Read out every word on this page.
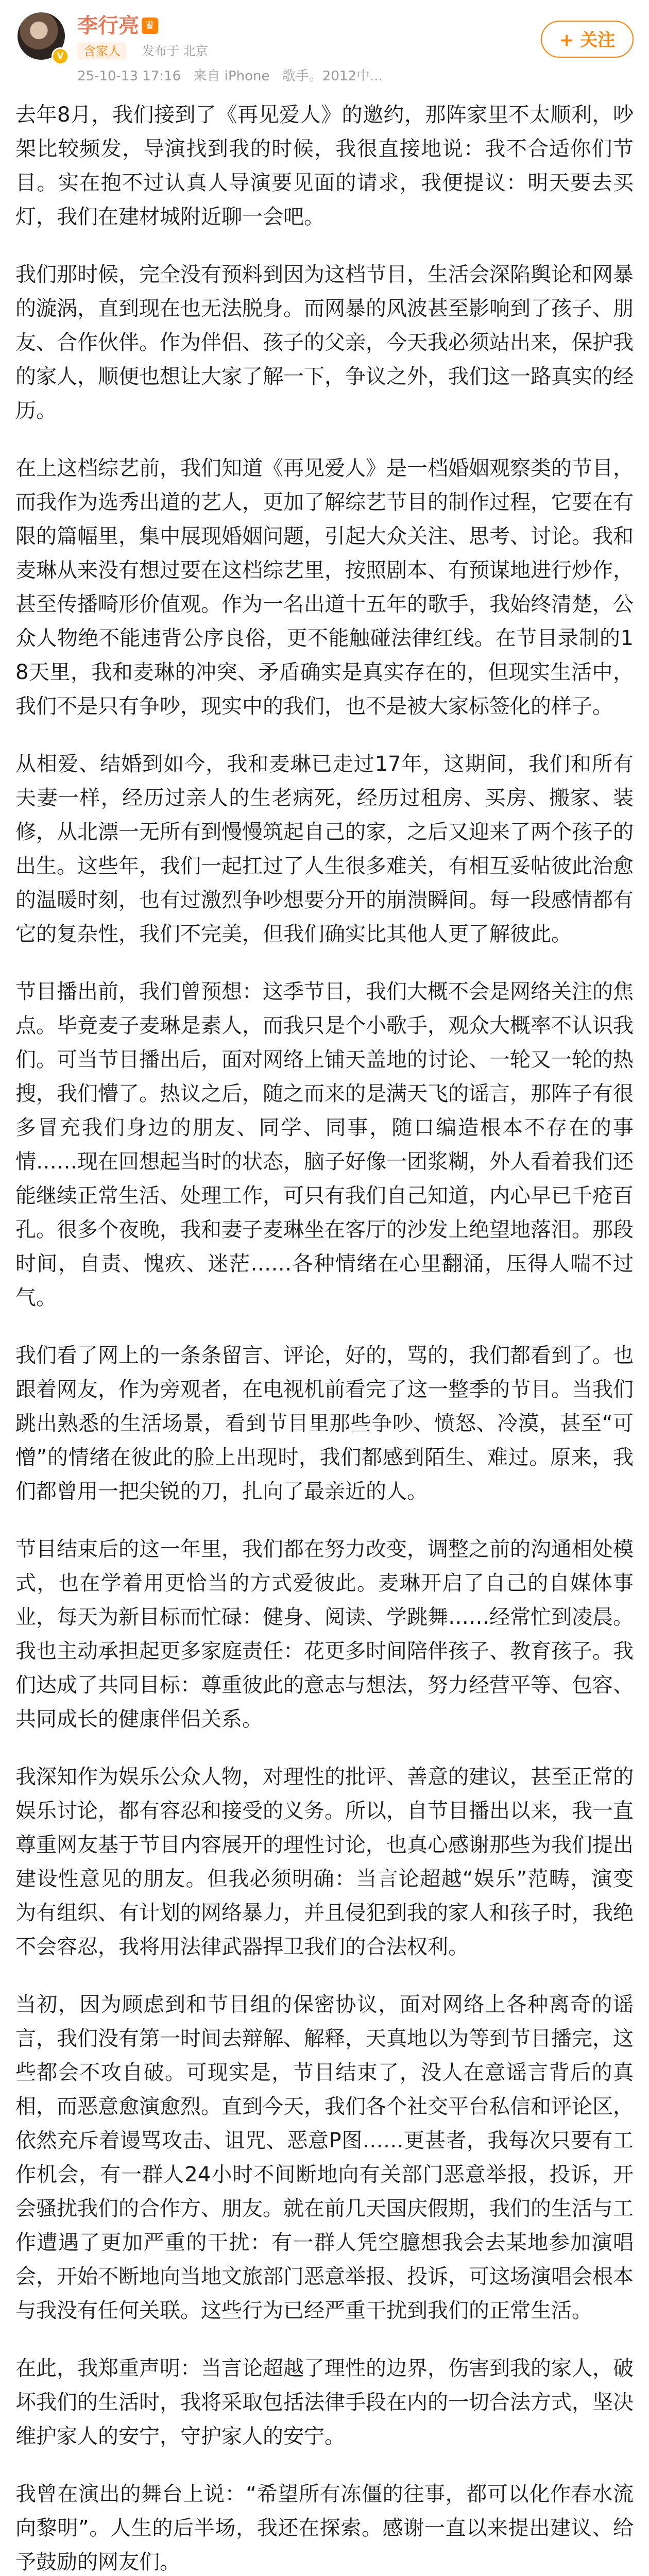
V
李行亮 ♛
含家人	发布于 北京
25-10-13 17:16 来自 iPhone 歌手。2012中...
+ 关注

去年8月，我们接到了《再见爱人》的邀约，那阵家里不太顺利，吵架比较频发，导演找到我的时候，我很直接地说：我不合适你们节目。实在抱不过认真人导演要见面的请求，我便提议：明天要去买灯，我们在建材城附近聊一会吧。

我们那时候，完全没有预料到因为这档节目，生活会深陷舆论和网暴的漩涡，直到现在也无法脱身。而网暴的风波甚至影响到了孩子、朋友、合作伙伴。作为伴侣、孩子的父亲，今天我必须站出来，保护我的家人，顺便也想让大家了解一下，争议之外，我们这一路真实的经历。

在上这档综艺前，我们知道《再见爱人》是一档婚姻观察类的节目，而我作为选秀出道的艺人，更加了解综艺节目的制作过程，它要在有限的篇幅里，集中展现婚姻问题，引起大众关注、思考、讨论。我和麦琳从来没有想过要在这档综艺里，按照剧本、有预谋地进行炒作，甚至传播畸形价值观。作为一名出道十五年的歌手，我始终清楚，公众人物绝不能违背公序良俗，更不能触碰法律红线。在节目录制的18天里，我和麦琳的冲突、矛盾确实是真实存在的，但现实生活中，我们不是只有争吵，现实中的我们，也不是被大家标签化的样子。

从相爱、结婚到如今，我和麦琳已走过17年，这期间，我们和所有夫妻一样，经历过亲人的生老病死，经历过租房、买房、搬家、装修，从北漂一无所有到慢慢筑起自己的家，之后又迎来了两个孩子的出生。这些年，我们一起扛过了人生很多难关，有相互妥帖彼此治愈的温暖时刻，也有过激烈争吵想要分开的崩溃瞬间。每一段感情都有它的复杂性，我们不完美，但我们确实比其他人更了解彼此。

节目播出前，我们曾预想：这季节目，我们大概不会是网络关注的焦点。毕竟麦子麦琳是素人，而我只是个小歌手，观众大概率不认识我们。可当节目播出后，面对网络上铺天盖地的讨论、一轮又一轮的热搜，我们懵了。热议之后，随之而来的是满天飞的谣言，那阵子有很多冒充我们身边的朋友、同学、同事，随口编造根本不存在的事情……现在回想起当时的状态，脑子好像一团浆糊，外人看着我们还能继续正常生活、处理工作，可只有我们自己知道，内心早已千疮百孔。很多个夜晚，我和妻子麦琳坐在客厅的沙发上绝望地落泪。那段时间，自责、愧疚、迷茫……各种情绪在心里翻涌，压得人喘不过气。

我们看了网上的一条条留言、评论，好的，骂的，我们都看到了。也跟着网友，作为旁观者，在电视机前看完了这一整季的节目。当我们跳出熟悉的生活场景，看到节目里那些争吵、愤怒、冷漠，甚至“可憎”的情绪在彼此的脸上出现时，我们都感到陌生、难过。原来，我们都曾用一把尖锐的刀，扎向了最亲近的人。

节目结束后的这一年里，我们都在努力改变，调整之前的沟通相处模式，也在学着用更恰当的方式爱彼此。麦琳开启了自己的自媒体事业，每天为新目标而忙碌：健身、阅读、学跳舞……经常忙到凌晨。我也主动承担起更多家庭责任：花更多时间陪伴孩子、教育孩子。我们达成了共同目标：尊重彼此的意志与想法，努力经营平等、包容、共同成长的健康伴侣关系。

我深知作为娱乐公众人物，对理性的批评、善意的建议，甚至正常的娱乐讨论，都有容忍和接受的义务。所以，自节目播出以来，我一直尊重网友基于节目内容展开的理性讨论，也真心感谢那些为我们提出建设性意见的朋友。但我必须明确：当言论超越“娱乐”范畴，演变为有组织、有计划的网络暴力，并且侵犯到我的家人和孩子时，我绝不会容忍，我将用法律武器捍卫我们的合法权利。

当初，因为顾虑到和节目组的保密协议，面对网络上各种离奇的谣言，我们没有第一时间去辩解、解释，天真地以为等到节目播完，这些都会不攻自破。可现实是，节目结束了，没人在意谣言背后的真相，而恶意愈演愈烈。直到今天，我们各个社交平台私信和评论区，依然充斥着谩骂攻击、诅咒、恶意P图……更甚者，我每次只要有工作机会，有一群人24小时不间断地向有关部门恶意举报，投诉，开会骚扰我们的合作方、朋友。就在前几天国庆假期，我们的生活与工作遭遇了更加严重的干扰：有一群人凭空臆想我会去某地参加演唱会，开始不断地向当地文旅部门恶意举报、投诉，可这场演唱会根本与我没有任何关联。这些行为已经严重干扰到我们的正常生活。

在此，我郑重声明：当言论超越了理性的边界，伤害到我的家人，破坏我们的生活时，我将采取包括法律手段在内的一切合法方式，坚决维护家人的安宁，守护家人的安宁。

我曾在演出的舞台上说：“希望所有冻僵的往事，都可以化作春水流向黎明”。人生的后半场，我还在探索。感谢一直以来提出建议、给予鼓励的网友们。
